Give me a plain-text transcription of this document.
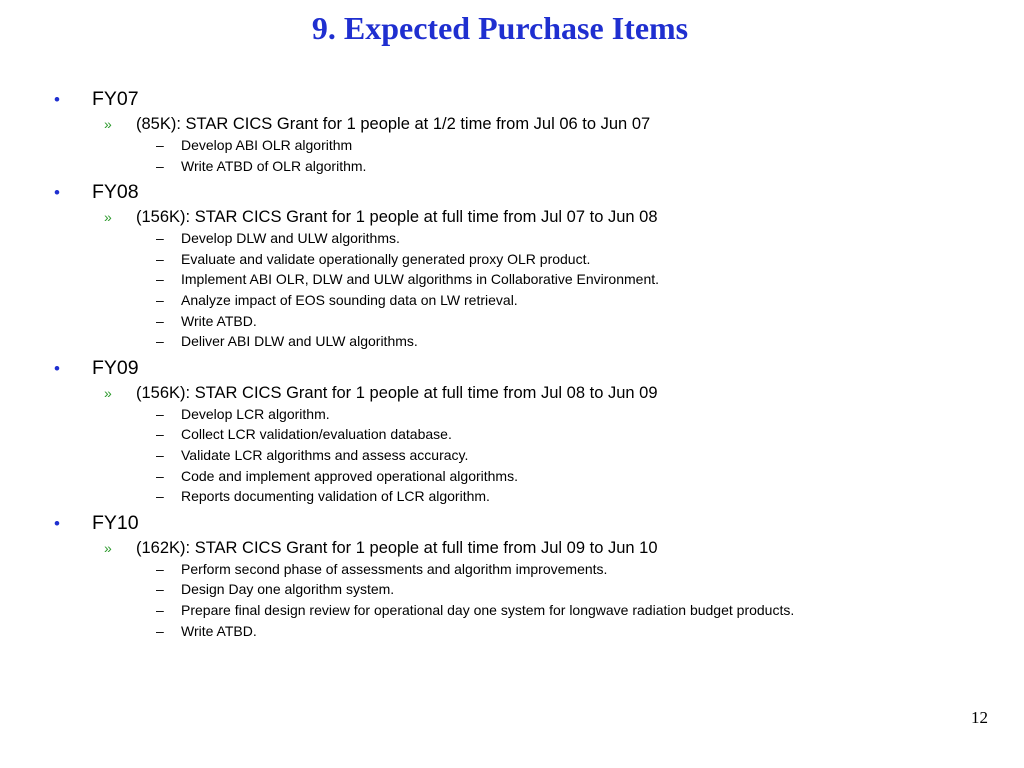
9. Expected Purchase Items
• FY07
» (85K): STAR CICS Grant for 1 people at 1/2 time from Jul 06 to Jun 07
– Develop ABI OLR algorithm
– Write ATBD of OLR algorithm.
• FY08
» (156K): STAR CICS Grant for 1 people at full time from Jul 07 to Jun 08
– Develop DLW and ULW algorithms.
– Evaluate and validate operationally generated proxy OLR product.
– Implement ABI OLR, DLW and ULW algorithms in Collaborative Environment.
– Analyze impact of EOS sounding data on LW retrieval.
– Write ATBD.
– Deliver ABI DLW and ULW algorithms.
• FY09
» (156K): STAR CICS Grant for 1 people at full time from Jul 08 to Jun 09
– Develop LCR algorithm.
– Collect LCR validation/evaluation database.
– Validate LCR algorithms and assess accuracy.
– Code and implement approved operational algorithms.
– Reports documenting validation of LCR algorithm.
• FY10
» (162K): STAR CICS Grant for 1 people at full time from Jul 09 to Jun 10
– Perform second phase of assessments and algorithm improvements.
– Design Day one algorithm system.
– Prepare final design review for operational day one system for longwave radiation budget products.
– Write ATBD.
12
